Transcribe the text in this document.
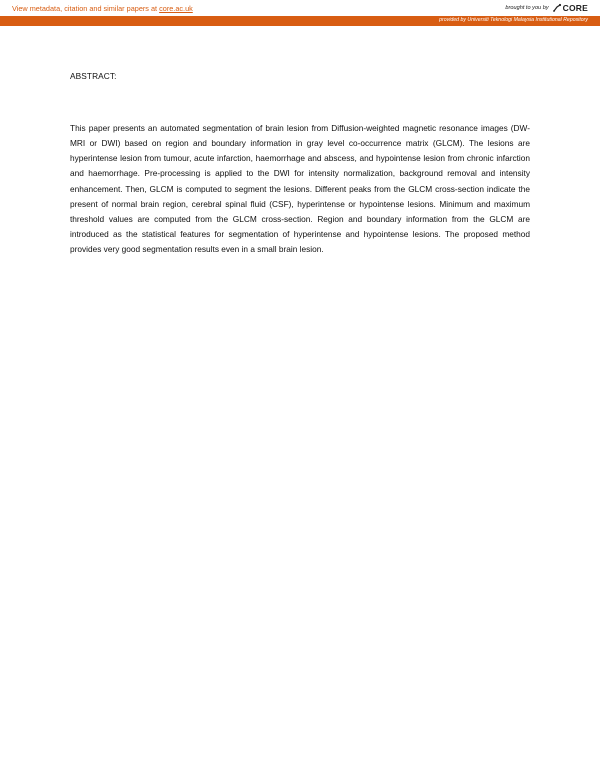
View metadata, citation and similar papers at core.ac.uk	brought to you by CORE
provided by Universiti Teknologi Malaysia Institutional Repository
ABSTRACT:

This paper presents an automated segmentation of brain lesion from Diffusion-weighted magnetic resonance images (DW-MRI or DWI) based on region and boundary information in gray level co-occurrence matrix (GLCM). The lesions are hyperintense lesion from tumour, acute infarction, haemorrhage and abscess, and hypointense lesion from chronic infarction and haemorrhage. Pre-processing is applied to the DWI for intensity normalization, background removal and intensity enhancement. Then, GLCM is computed to segment the lesions. Different peaks from the GLCM cross-section indicate the present of normal brain region, cerebral spinal fluid (CSF), hyperintense or hypointense lesions. Minimum and maximum threshold values are computed from the GLCM cross-section. Region and boundary information from the GLCM are introduced as the statistical features for segmentation of hyperintense and hypointense lesions. The proposed method provides very good segmentation results even in a small brain lesion.
